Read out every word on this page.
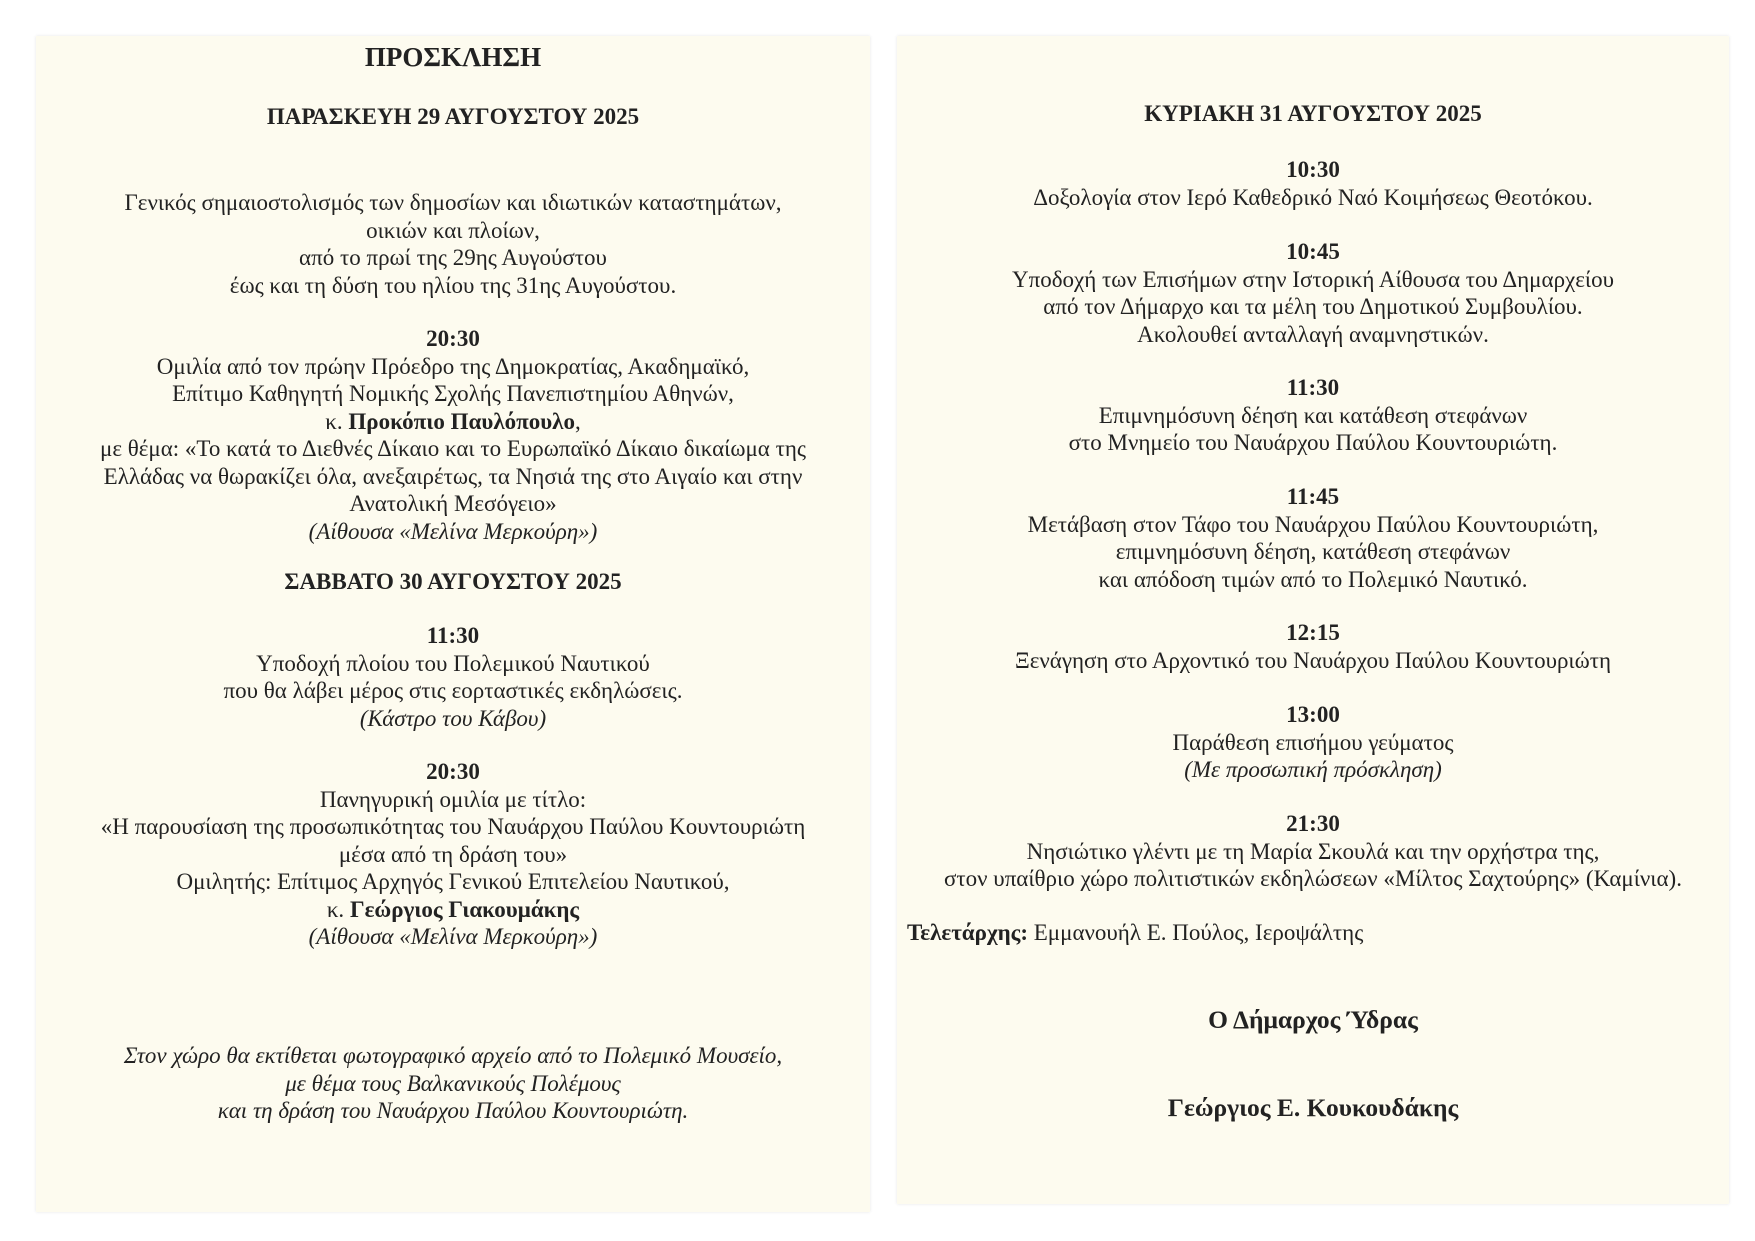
ΠΡΟΣΚΛΗΣΗ
ΠΑΡΑΣΚΕΥΗ 29 ΑΥΓΟΥΣΤΟΥ 2025
Γενικός σημαιοστολισμός των δημοσίων και ιδιωτικών καταστημάτων,
οικιών και πλοίων,
από το πρωί της 29ης Αυγούστου
έως και τη δύση του ηλίου της 31ης Αυγούστου.
20:30
Ομιλία από τον πρώην Πρόεδρο της Δημοκρατίας, Ακαδημαϊκό,
Επίτιμο Καθηγητή Νομικής Σχολής Πανεπιστημίου Αθηνών,
κ. Προκόπιο Παυλόπουλο,
με θέμα: «Το κατά το Διεθνές Δίκαιο και το Ευρωπαϊκό Δίκαιο δικαίωμα της
Ελλάδας να θωρακίζει όλα, ανεξαιρέτως, τα Νησιά της στο Αιγαίο και στην
Ανατολική Μεσόγειο»
(Αίθουσα «Μελίνα Μερκούρη»)
ΣΑΒΒΑΤΟ 30 ΑΥΓΟΥΣΤΟΥ 2025
11:30
Υποδοχή πλοίου του Πολεμικού Ναυτικού
που θα λάβει μέρος στις εορταστικές εκδηλώσεις.
(Κάστρο του Κάβου)
20:30
Πανηγυρική ομιλία με τίτλο:
«Η παρουσίαση της προσωπικότητας του Ναυάρχου Παύλου Κουντουριώτη
μέσα από τη δράση του»
Ομιλητής: Επίτιμος Αρχηγός Γενικού Επιτελείου Ναυτικού,
κ. Γεώργιος Γιακουμάκης
(Αίθουσα «Μελίνα Μερκούρη»)
Στον χώρο θα εκτίθεται φωτογραφικό αρχείο από το Πολεμικό Μουσείο,
με θέμα τους Βαλκανικούς Πολέμους
και τη δράση του Ναυάρχου Παύλου Κουντουριώτη.
ΚΥΡΙΑΚΗ 31 ΑΥΓΟΥΣΤΟΥ 2025
10:30
Δοξολογία στον Ιερό Καθεδρικό Ναό Κοιμήσεως Θεοτόκου.
10:45
Υποδοχή των Επισήμων στην Ιστορική Αίθουσα του Δημαρχείου
από τον Δήμαρχο και τα μέλη του Δημοτικού Συμβουλίου.
Ακολουθεί ανταλλαγή αναμνηστικών.
11:30
Επιμνημόσυνη δέηση και κατάθεση στεφάνων
στο Μνημείο του Ναυάρχου Παύλου Κουντουριώτη.
11:45
Μετάβαση στον Τάφο του Ναυάρχου Παύλου Κουντουριώτη,
επιμνημόσυνη δέηση, κατάθεση στεφάνων
και απόδοση τιμών από το Πολεμικό Ναυτικό.
12:15
Ξενάγηση στο Αρχοντικό του Ναυάρχου Παύλου Κουντουριώτη
13:00
Παράθεση επισήμου γεύματος
(Με προσωπική πρόσκληση)
21:30
Νησιώτικο γλέντι με τη Μαρία Σκουλά και την ορχήστρα της,
στον υπαίθριο χώρο πολιτιστικών εκδηλώσεων «Μίλτος Σαχτούρης» (Καμίνια).
Τελετάρχης: Εμμανουήλ Ε. Πούλος, Ιεροψάλτης
Ο Δήμαρχος Ύδρας
Γεώργιος Ε. Κουκουδάκης
